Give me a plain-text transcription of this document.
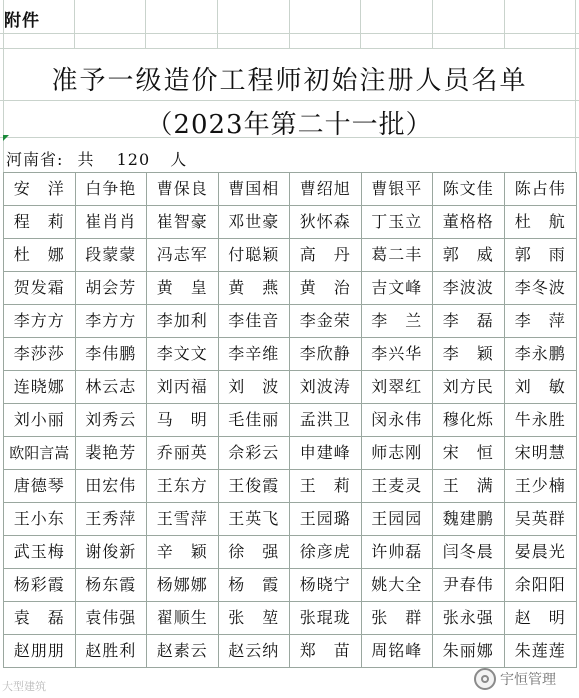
附件
准予一级造价工程师初始注册人员名单
（2023年第二十一批）
河南省: 共 120 人
安　洋	白争艳	曹保良	曹国相	曹绍旭	曹银平	陈文佳	陈占伟
程　莉	崔肖肖	崔智豪	邓世豪	狄怀森	丁玉立	董格格	杜　航
杜　娜	段蒙蒙	冯志军	付聪颖	高　丹	葛二丰	郭　威	郭　雨
贺发霜	胡会芳	黄　皇	黄　燕	黄　治	吉文峰	李波波	李冬波
李方方	李方方	李加利	李佳音	李金荣	李　兰	李　磊	李　萍
李莎莎	李伟鹏	李文文	李辛维	李欣静	李兴华	李　颖	李永鹏
连晓娜	林云志	刘丙福	刘　波	刘波涛	刘翠红	刘方民	刘　敏
刘小丽	刘秀云	马　明	毛佳丽	孟洪卫	闵永伟	穆化烁	牛永胜
欧阳言嵩 裴艳芳	乔丽英	佘彩云	申建峰	师志刚	宋　恒	宋明慧
唐德琴	田宏伟	王东方	王俊霞	王　莉	王麦灵	王　满	王少楠
王小东	王秀萍	王雪萍	王英飞	王园璐	王园园	魏建鹏	吴英群
武玉梅	谢俊新	辛　颖	徐　强	徐彦虎	许帅磊	闫冬晨	晏晨光
杨彩霞	杨东霞	杨娜娜	杨　霞	杨晓宁	姚大全	尹春伟	余阳阳
袁　磊	袁伟强	翟顺生	张　堃	张琨珑	张　群	张永强	赵　明
赵朋朋	赵胜利	赵素云	赵云纳	郑　苗	周铭峰	朱丽娜	朱莲莲
大型建筑	宇恒管理
